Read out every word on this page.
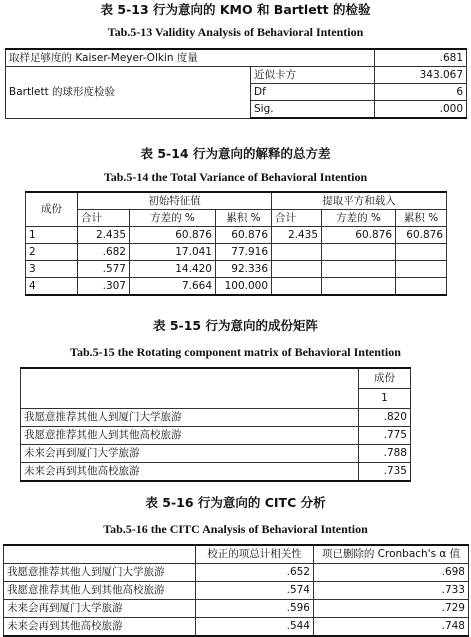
表 5-13 行为意向的 KMO 和 Bartlett 的检验
Tab.5-13 Validity Analysis of Behavioral Intention
取样足够度的 Kaiser-Meyer-Olkin 度量		.681
Bartlett 的球形度检验	近似卡方	343.067
	Df	6
	Sig.	.000
表 5-14 行为意向的解释的总方差
Tab.5-14 the Total Variance of Behavioral Intention
成份	初始特征值			提取平方和载入		
	合计	方差的 %	累积 %	合计	方差的 %	累积 %
1	2.435	60.876	60.876	2.435	60.876	60.876
2	.682	17.041	77.916			
3	.577	14.420	92.336			
4	.307	7.664	100.000			
表 5-15 行为意向的成份矩阵
Tab.5-15 the Rotating component matrix of Behavioral Intention
	成份
	1
我愿意推荐其他人到厦门大学旅游	.820
我愿意推荐其他人到其他高校旅游	.775
未来会再到厦门大学旅游	.788
未来会再到其他高校旅游	.735
表 5-16 行为意向的 CITC 分析
Tab.5-16 the CITC Analysis of Behavioral Intention
	校正的项总计相关性	项已删除的 Cronbach's α 值
我愿意推荐其他人到厦门大学旅游	.652	.698
我愿意推荐其他人到其他高校旅游	.574	.733
未来会再到厦门大学旅游	.596	.729
未来会再到其他高校旅游	.544	.748
